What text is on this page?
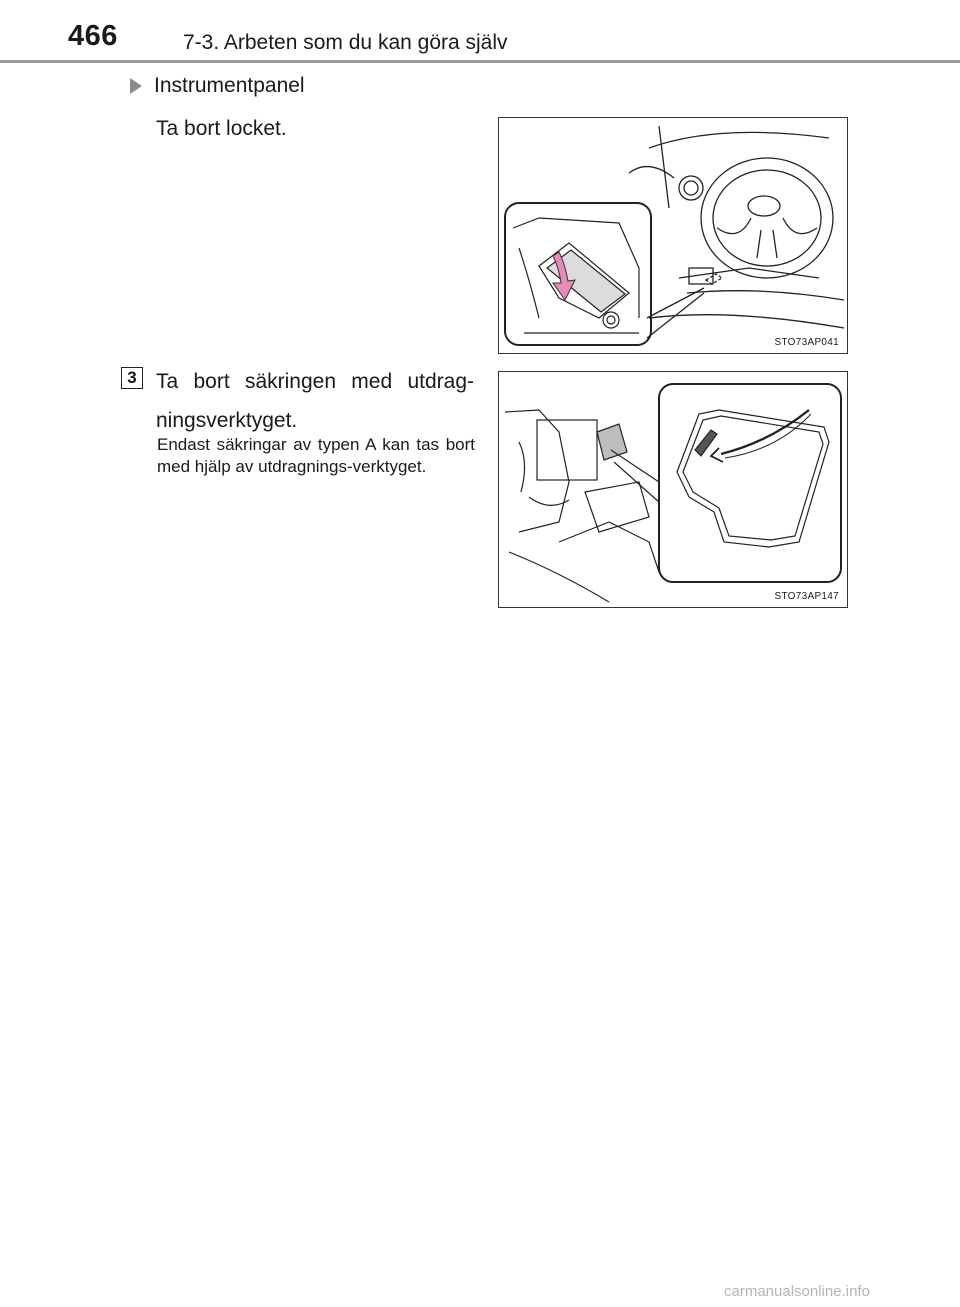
466	7-3. Arbeten som du kan göra själv
Instrumentpanel
Ta bort locket.
STO73AP041
3 Ta bort säkringen med utdrag-ningsverktyget.
Endast säkringar av typen A kan tas bort med hjälp av utdragnings-verktyget.
STO73AP147
carmanualsonline.info
